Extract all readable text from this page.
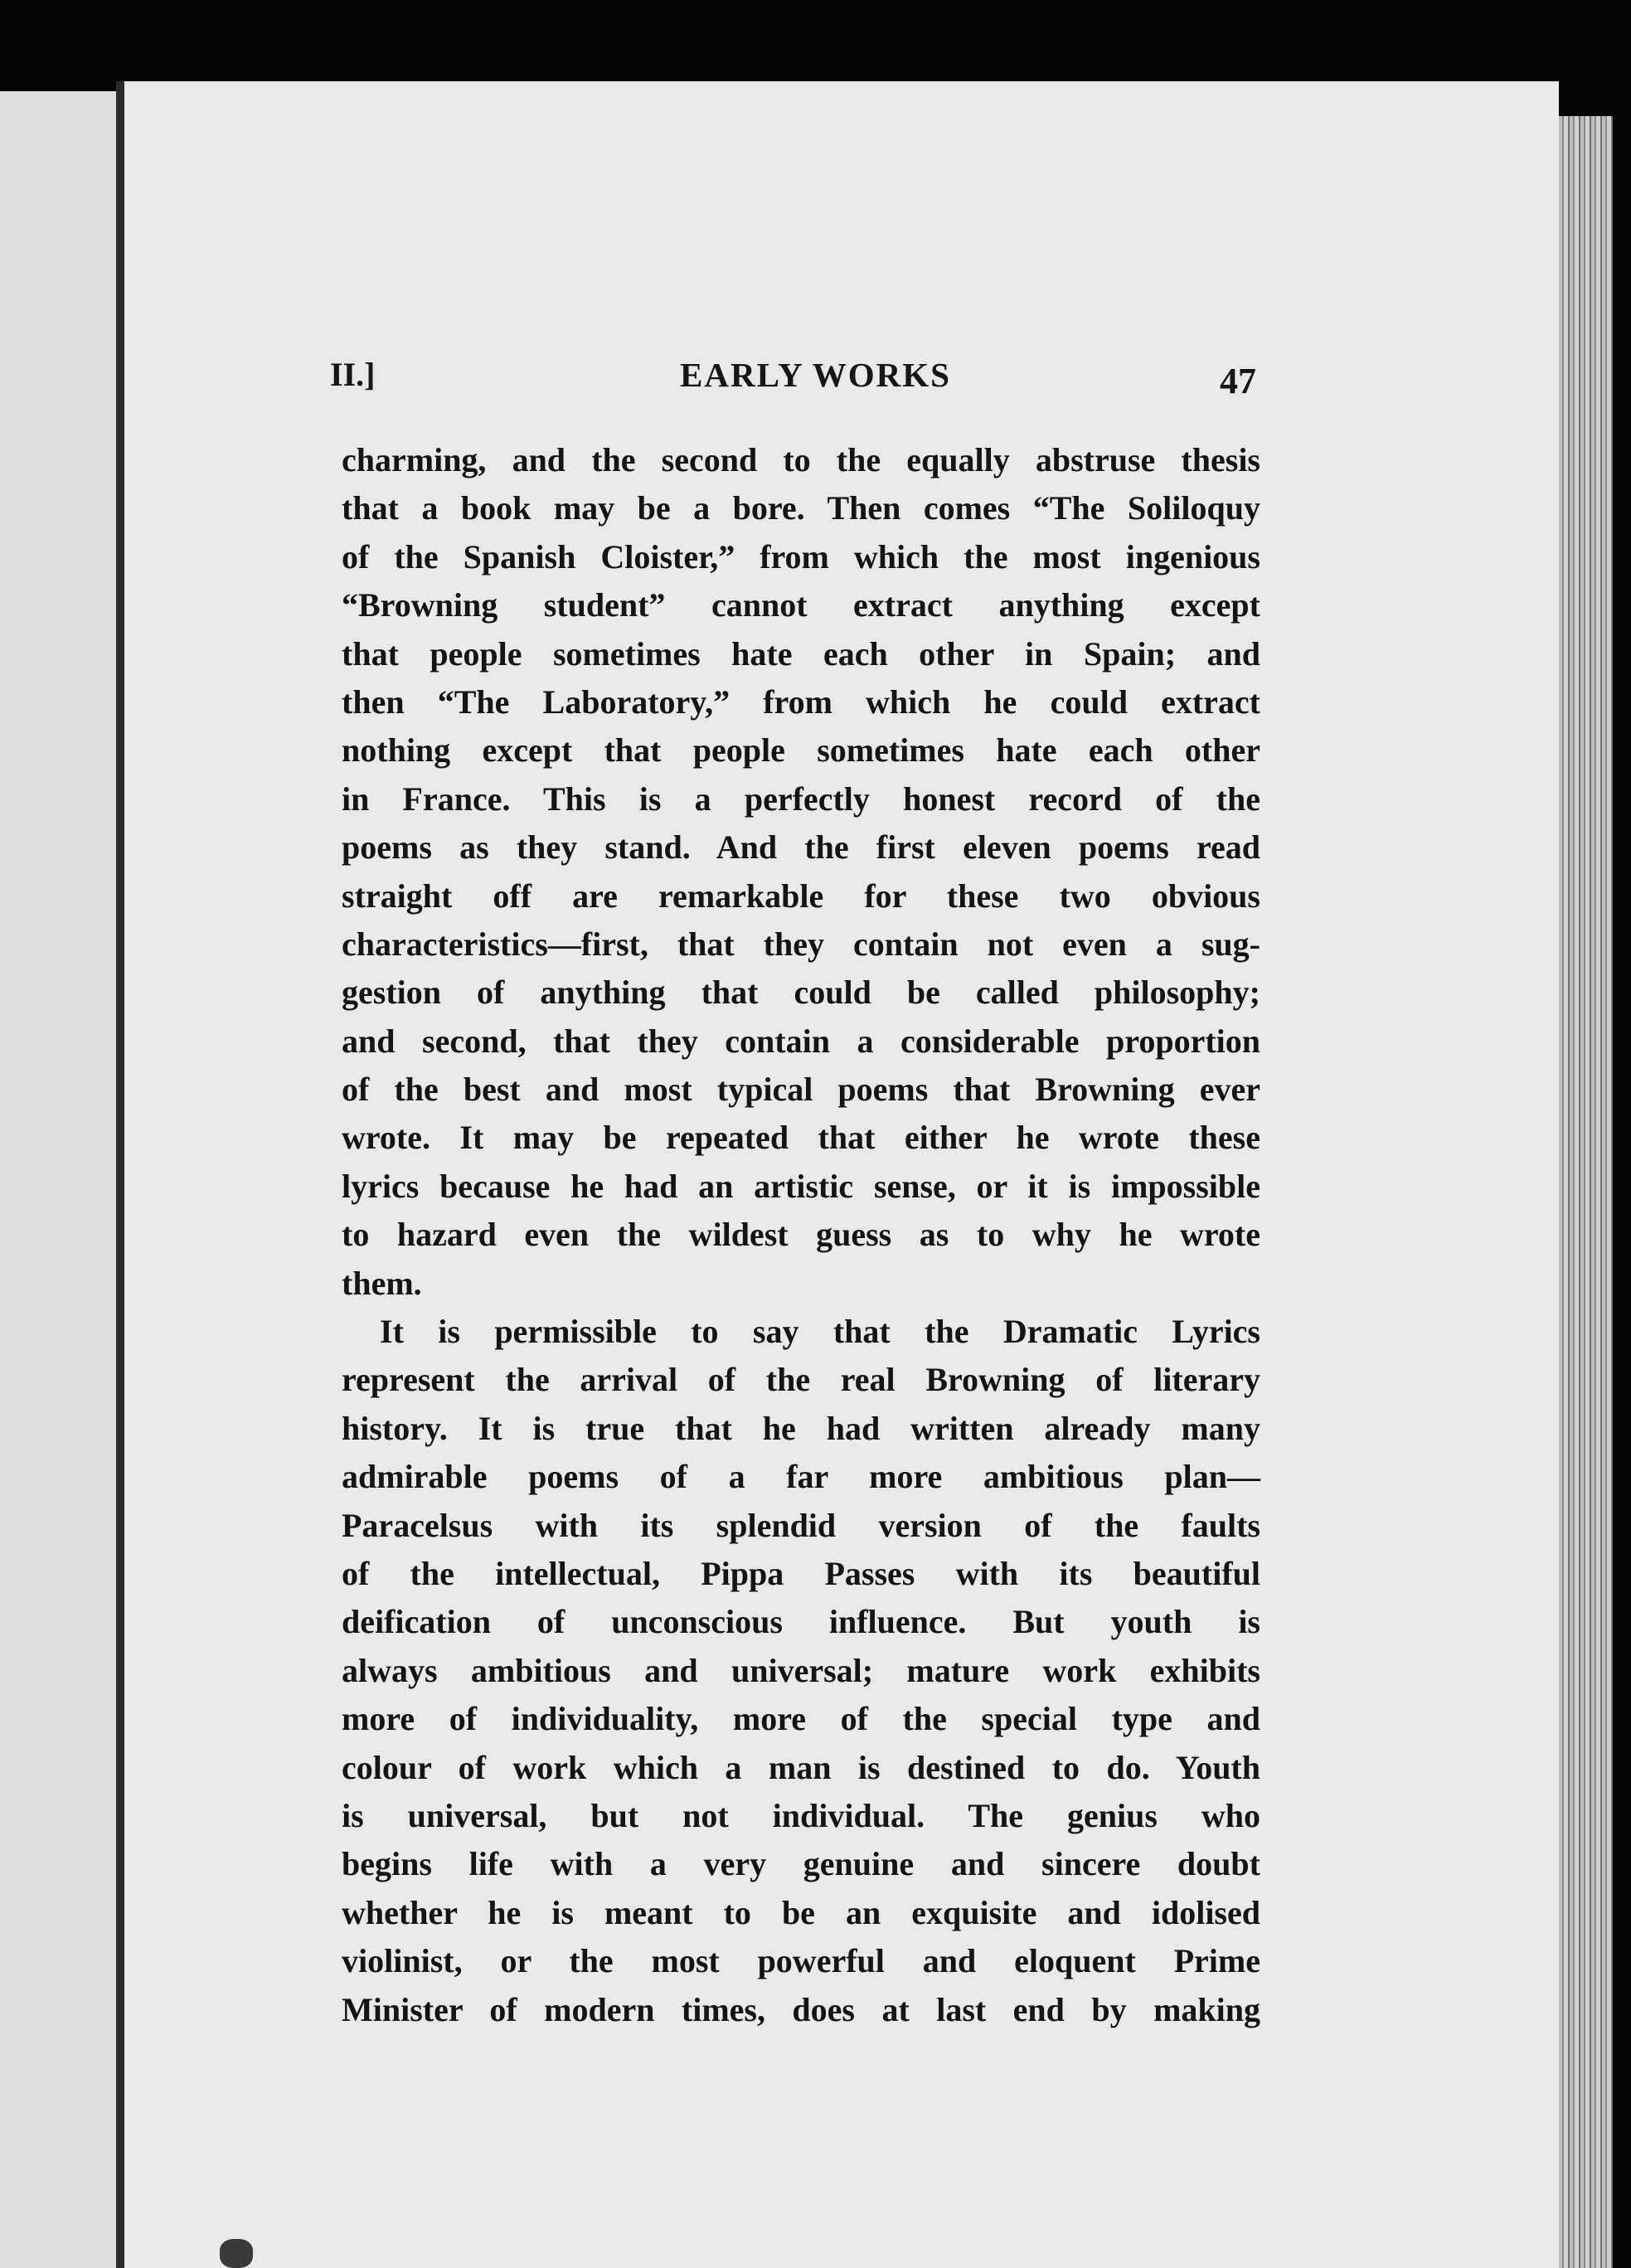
II.]	EARLY WORKS	47
charming, and the second to the equally abstruse thesis
that a book may be a bore. Then comes “The Soliloquy
of the Spanish Cloister,” from which the most ingenious
“Browning student” cannot extract anything except
that people sometimes hate each other in Spain; and
then “The Laboratory,” from which he could extract
nothing except that people sometimes hate each other
in France. This is a perfectly honest record of the
poems as they stand. And the first eleven poems read
straight off are remarkable for these two obvious
characteristics—first, that they contain not even a sug-
gestion of anything that could be called philosophy;
and second, that they contain a considerable proportion
of the best and most typical poems that Browning ever
wrote. It may be repeated that either he wrote these
lyrics because he had an artistic sense, or it is impossible
to hazard even the wildest guess as to why he wrote
them.
It is permissible to say that the Dramatic Lyrics
represent the arrival of the real Browning of literary
history. It is true that he had written already many
admirable poems of a far more ambitious plan—
Paracelsus with its splendid version of the faults
of the intellectual, Pippa Passes with its beautiful
deification of unconscious influence. But youth is
always ambitious and universal; mature work exhibits
more of individuality, more of the special type and
colour of work which a man is destined to do. Youth
is universal, but not individual. The genius who
begins life with a very genuine and sincere doubt
whether he is meant to be an exquisite and idolised
violinist, or the most powerful and eloquent Prime
Minister of modern times, does at last end by making
